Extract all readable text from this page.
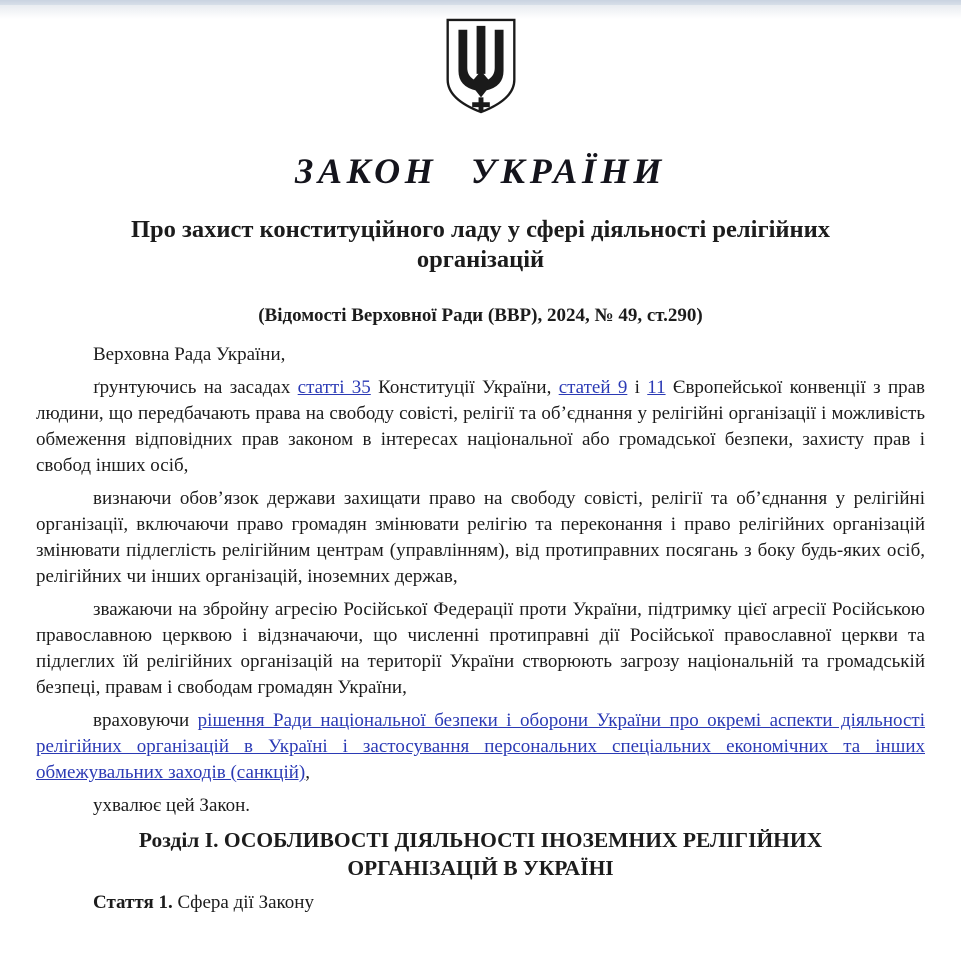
ЗАКОН УКРАЇНИ
Про захист конституційного ладу у сфері діяльності релігійних організацій
(Відомості Верховної Ради (ВВР), 2024, № 49, ст.290)

Верховна Рада України,

ґрунтуючись на засадах статті 35 Конституції України, статей 9 і 11 Європейської конвенції з прав людини, що передбачають права на свободу совісті, релігії та об’єднання у релігійні організації і можливість обмеження відповідних прав законом в інтересах національної або громадської безпеки, захисту прав і свобод інших осіб,

визнаючи обов’язок держави захищати право на свободу совісті, релігії та об’єднання у релігійні організації, включаючи право громадян змінювати релігію та переконання і право релігійних організацій змінювати підлеглість релігійним центрам (управлінням), від протиправних посягань з боку будь-яких осіб, релігійних чи інших організацій, іноземних держав,

зважаючи на збройну агресію Російської Федерації проти України, підтримку цієї агресії Російською православною церквою і відзначаючи, що численні протиправні дії Російської православної церкви та підлеглих їй релігійних організацій на території України створюють загрозу національній та громадській безпеці, правам і свободам громадян України,

враховуючи рішення Ради національної безпеки і оборони України про окремі аспекти діяльності релігійних організацій в Україні і застосування персональних спеціальних економічних та інших обмежувальних заходів (санкцій),

ухвалює цей Закон.

Розділ I. ОСОБЛИВОСТІ ДІЯЛЬНОСТІ ІНОЗЕМНИХ РЕЛІГІЙНИХ ОРГАНІЗАЦІЙ В УКРАЇНІ
Стаття 1. Сфера дії Закону
